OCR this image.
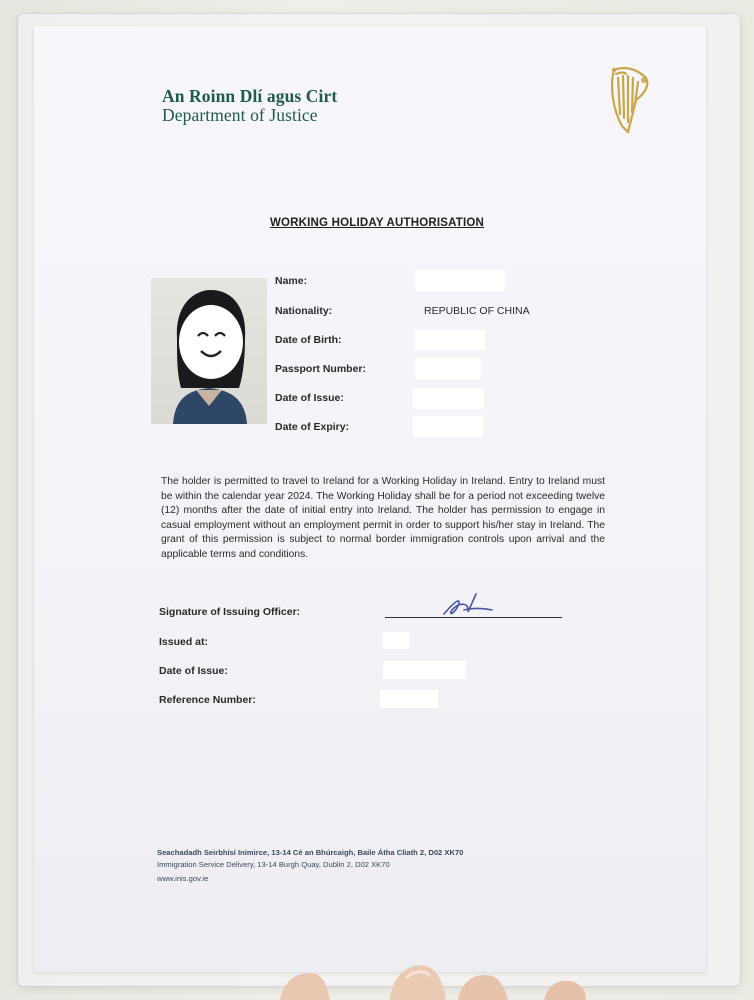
An Roinn Dlí agus Cirt
Department of Justice
WORKING HOLIDAY AUTHORISATION
Name:
Nationality:	REPUBLIC OF CHINA
Date of Birth:
Passport Number:
Date of Issue:
Date of Expiry:
The holder is permitted to travel to Ireland for a Working Holiday in Ireland. Entry to Ireland must be within the calendar year 2024. The Working Holiday shall be for a period not exceeding twelve (12) months after the date of initial entry into Ireland. The holder has permission to engage in casual employment without an employment permit in order to support his/her stay in Ireland. The grant of this permission is subject to normal border immigration controls upon arrival and the applicable terms and conditions.
Signature of Issuing Officer:
Issued at:
Date of Issue:
Reference Number:
Seachadadh Seirbhísí Inimirce, 13-14 Cé an Bhúrcaigh, Baile Átha Cliath 2, D02 XK70
Immigration Service Delivery, 13-14 Burgh Quay, Dublin 2, D02 XK70
www.inis.gov.ie
